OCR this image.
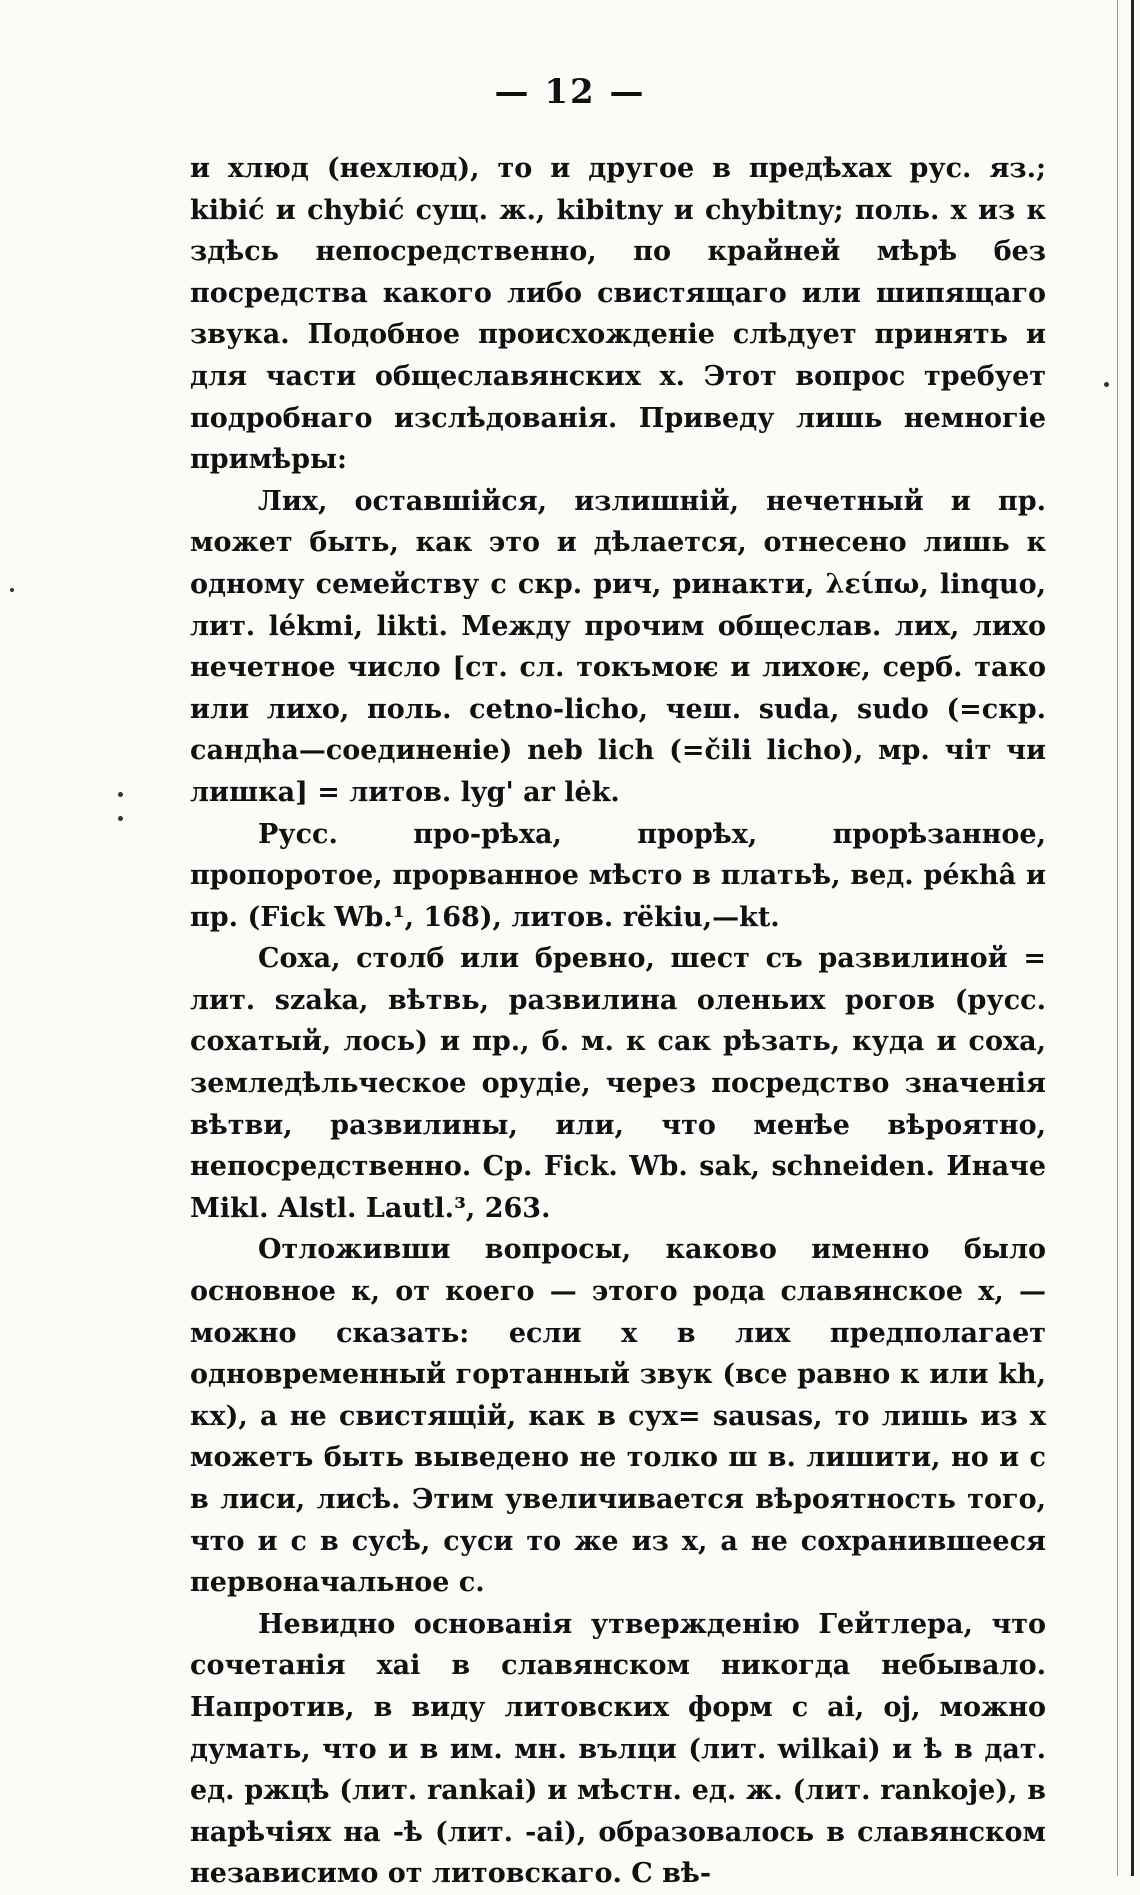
— 12 —

и хлюд (нехлюд), то и другое в предѣхах рус. яз.; kibić и chybić сущ. ж., kibitny и chybitny; поль. x из к здѣсь непосредственно, по крайней мѣрѣ без посредства какого либо свистящаго или шипящаго звука. Подобное происхожденіе слѣдует принять и для части общеславянских х. Этот вопрос требует подробнаго изслѣдованія. Приведу лишь немногіе примѣры:

Лих, оставшійся, излишній, нечетный и пр. может быть, как это и дѣлается, отнесено лишь к одному семейству с скр. рич, ринакти, λείπω, linquo, лит. lékmi, likti. Между прочим общеслав. лих, лихо нечетное число [ст. сл. токъмоѥ и лихоѥ, серб. тако или лихо, поль. cetno-licho, чеш. suda, sudo (=скр. сандhа—соединеніе) neb lich (=čili licho), мр. чіт чи лишка] = литов. lyg' ar lėk.

Русс. про-рѣха, прорѣх, прорѣзанное, пропоротое, прорванное мѣсто в платьѣ, вед. рéкhâ и пр. (Fick Wb.¹, 168), литов. rëkiu,—kt.

Соха, столб или бревно, шест съ развилиной = лит. szaka, вѣтвь, развилина оленьих рогов (русс. сохатый, лось) и пр., б. м. к сак рѣзать, куда и соха, земледѣльческое орудіе, через посредство значенія вѣтви, развилины, или, что менѣе вѣроятно, непосредственно. Ср. Fick. Wb. sak, schneiden. Иначе Mikl. Alstl. Lautl.³, 263.

Отложивши вопросы, каково именно было основное к, от коего — этого рода славянское х, — можно сказать: если х в лих предполагает одновременный гортанный звук (все равно к или kh, кх), а не свистящій, как в сух= sausas, то лишь из х можетъ быть выведено не толко ш в. лишити, но и с в лиси, лисѣ. Этим увеличивается вѣроятность того, что и с в сусѣ, суси то же из х, а не сохранившееся первоначальное с.

Невидно основанія утвержденію Гейтлера, что сочетанія хаі в славянском никогда небывало. Напротив, в виду литовских форм с ai, oj, можно думать, что и в им. мн. вълци (лит. wilkai) и ѣ в дат. ед. ржцѣ (лит. rankai) и мѣстн. ед. ж. (лит. rankoje), в нарѣчіях на -ѣ (лит. -ai), образовалось в славянском независимо от литовскаго. С вѣ-
